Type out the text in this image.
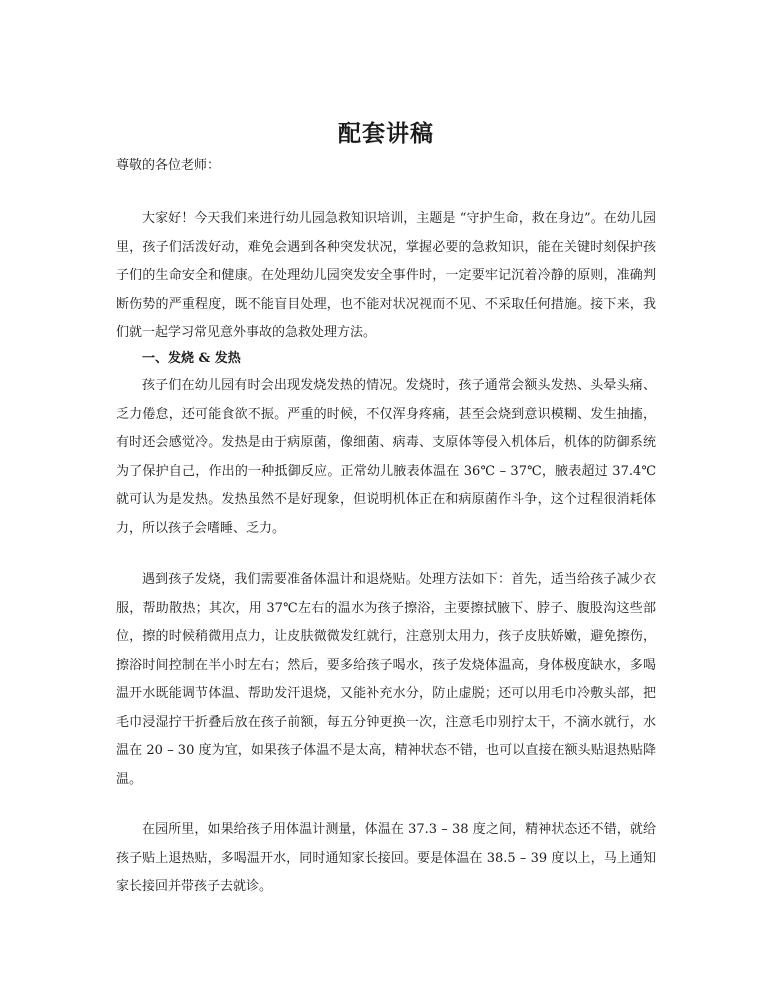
配套讲稿
尊敬的各位老师：

大家好！今天我们来进行幼儿园急救知识培训，主题是 “守护生命，救在身边”。在幼儿园里，孩子们活泼好动，难免会遇到各种突发状况，掌握必要的急救知识，能在关键时刻保护孩子们的生命安全和健康。在处理幼儿园突发安全事件时，一定要牢记沉着冷静的原则，准确判断伤势的严重程度，既不能盲目处理，也不能对状况视而不见、不采取任何措施。接下来，我们就一起学习常见意外事故的急救处理方法。

一、发烧 & 发热

孩子们在幼儿园有时会出现发烧发热的情况。发烧时，孩子通常会额头发热、头晕头痛、乏力倦怠，还可能食欲不振。严重的时候，不仅浑身疼痛，甚至会烧到意识模糊、发生抽搐，有时还会感觉冷。发热是由于病原菌，像细菌、病毒、支原体等侵入机体后，机体的防御系统为了保护自己，作出的一种抵御反应。正常幼儿腋表体温在 36℃ – 37℃，腋表超过 37.4℃就可认为是发热。发热虽然不是好现象，但说明机体正在和病原菌作斗争，这个过程很消耗体力，所以孩子会嗜睡、乏力。

遇到孩子发烧，我们需要准备体温计和退烧贴。处理方法如下：首先，适当给孩子减少衣服，帮助散热；其次，用 37℃左右的温水为孩子擦浴，主要擦拭腋下、脖子、腹股沟这些部位，擦的时候稍微用点力，让皮肤微微发红就行，注意别太用力，孩子皮肤娇嫩，避免擦伤，擦浴时间控制在半小时左右；然后，要多给孩子喝水，孩子发烧体温高，身体极度缺水，多喝温开水既能调节体温、帮助发汗退烧，又能补充水分，防止虚脱；还可以用毛巾冷敷头部，把毛巾浸湿拧干折叠后放在孩子前额，每五分钟更换一次，注意毛巾别拧太干，不滴水就行，水温在 20 – 30 度为宜，如果孩子体温不是太高，精神状态不错，也可以直接在额头贴退热贴降温。

在园所里，如果给孩子用体温计测量，体温在 37.3 – 38 度之间，精神状态还不错，就给孩子贴上退热贴，多喝温开水，同时通知家长接回。要是体温在 38.5 – 39 度以上，马上通知家长接回并带孩子去就诊。
